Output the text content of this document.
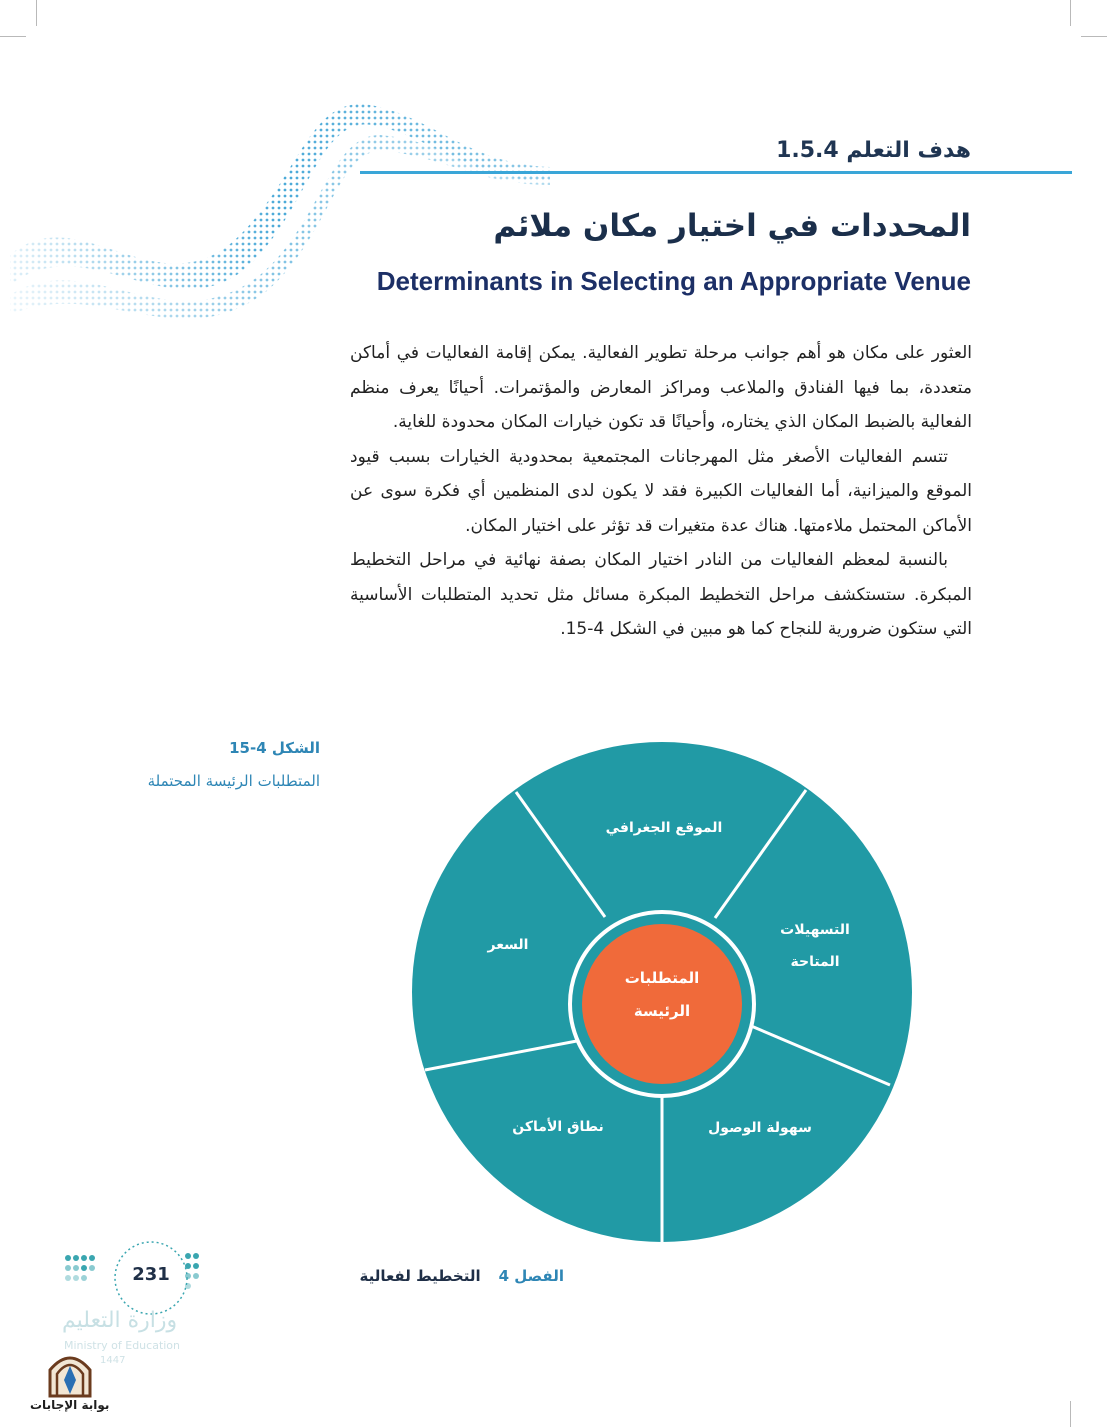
هدف التعلم 1.5.4
المحددات في اختيار مكان ملائم
Determinants in Selecting an Appropriate Venue

العثور على مكان هو أهم جوانب مرحلة تطوير الفعالية. يمكن إقامة الفعاليات في أماكن متعددة، بما فيها الفنادق والملاعب ومراكز المعارض والمؤتمرات. أحيانًا يعرف منظم الفعالية بالضبط المكان الذي يختاره، وأحيانًا قد تكون خيارات المكان محدودة للغاية.

تتسم الفعاليات الأصغر مثل المهرجانات المجتمعية بمحدودية الخيارات بسبب قيود الموقع والميزانية، أما الفعاليات الكبيرة فقد لا يكون لدى المنظمين أي فكرة سوى عن الأماكن المحتمل ملاءمتها. هناك عدة متغيرات قد تؤثر على اختيار المكان.

بالنسبة لمعظم الفعاليات من النادر اختيار المكان بصفة نهائية في مراحل التخطيط المبكرة. ستستكشف مراحل التخطيط المبكرة مسائل مثل تحديد المتطلبات الأساسية التي ستكون ضرورية للنجاح كما هو مبين في الشكل 4-15.

الشكل 4-15
المتطلبات الرئيسة المحتملة
المتطلبات
الرئيسة
الموقع الجغرافي
التسهيلات
المتاحة
سهولة الوصول
نطاق الأماكن
السعر
الفصل 4التخطيط لفعالية
231
وزارة التعليم
Ministry of Education
1447
بوابة الإجابات
